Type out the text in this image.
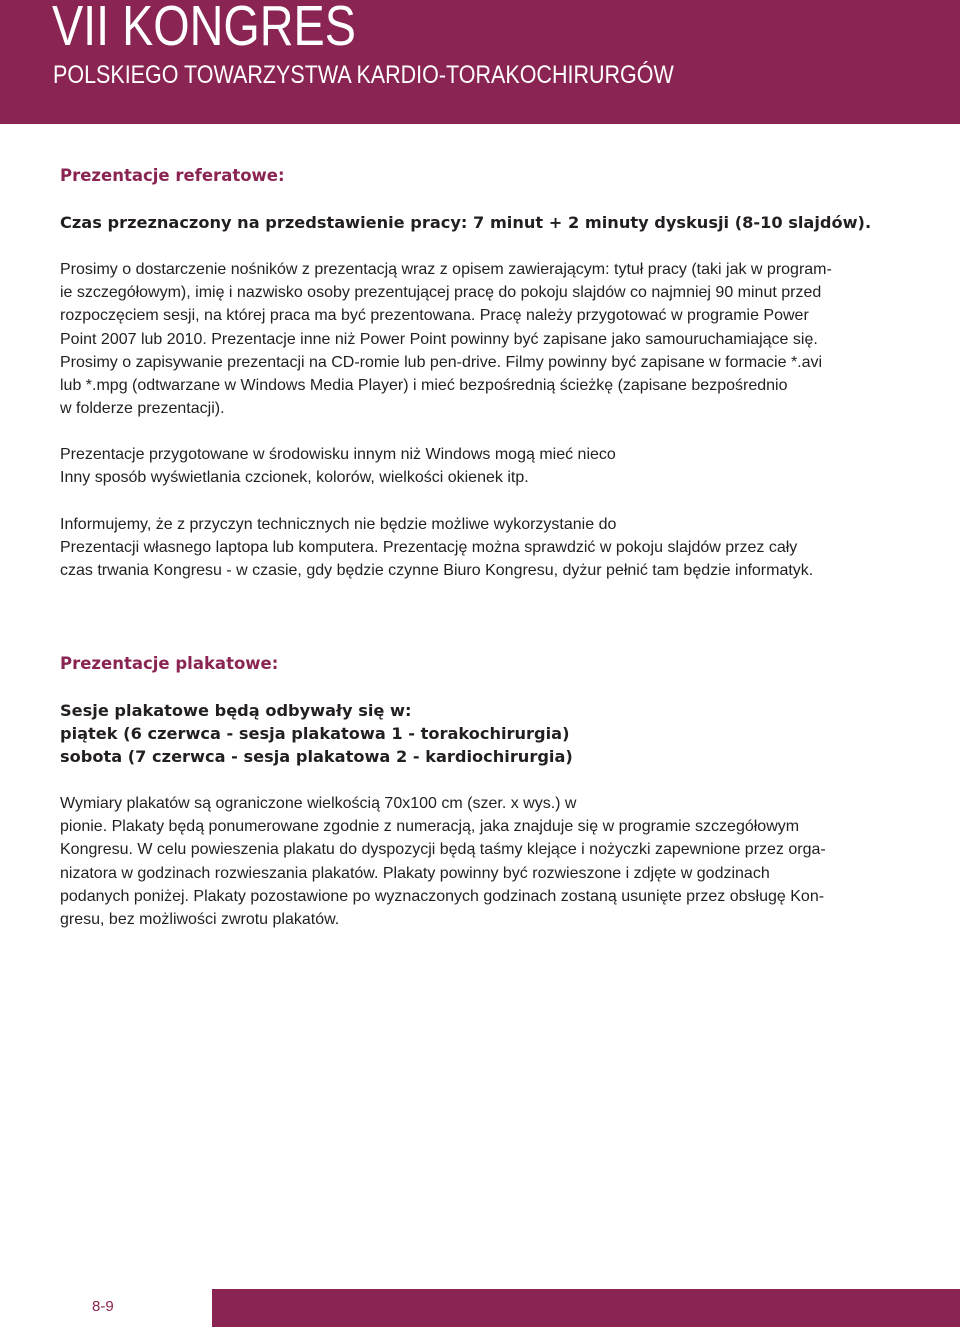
VII KONGRES
POLSKIEGO TOWARZYSTWA KARDIO-TORAKOCHIRURGÓW
Prezentacje referatowe:

Czas przeznaczony na przedstawienie pracy: 7 minut + 2 minuty dyskusji (8-10 slajdów).

Prosimy o dostarczenie nośników z prezentacją wraz z opisem zawierającym: tytuł pracy (taki jak w program-

ie szczegółowym), imię i nazwisko osoby prezentującej pracę do pokoju slajdów co najmniej 90 minut przed

rozpoczęciem sesji, na której praca ma być prezentowana. Pracę należy przygotować w programie Power

Point 2007 lub 2010. Prezentacje inne niż Power Point powinny być zapisane jako samouruchamiające się.

Prosimy o zapisywanie prezentacji na CD-romie lub pen-drive. Filmy powinny być zapisane w formacie *.avi

lub *.mpg (odtwarzane w Windows Media Player) i mieć bezpośrednią ścieżkę (zapisane bezpośrednio

w folderze prezentacji).

Prezentacje przygotowane w środowisku innym niż Windows mogą mieć nieco

Inny sposób wyświetlania czcionek, kolorów, wielkości okienek itp.

Informujemy, że z przyczyn technicznych nie będzie możliwe wykorzystanie do

Prezentacji własnego laptopa lub komputera. Prezentację można sprawdzić w pokoju slajdów przez cały

czas trwania Kongresu - w czasie, gdy będzie czynne Biuro Kongresu, dyżur pełnić tam będzie informatyk.

Prezentacje plakatowe:

Sesje plakatowe będą odbywały się w:

piątek (6 czerwca - sesja plakatowa 1 - torakochirurgia)

sobota (7 czerwca - sesja plakatowa 2 - kardiochirurgia)

Wymiary plakatów są ograniczone wielkością 70x100 cm (szer. x wys.) w

pionie. Plakaty będą ponumerowane zgodnie z numeracją, jaka znajduje się w programie szczegółowym

Kongresu. W celu powieszenia plakatu do dyspozycji będą taśmy klejące i nożyczki zapewnione przez orga-

nizatora w godzinach rozwieszania plakatów. Plakaty powinny być rozwieszone i zdjęte w godzinach

podanych poniżej. Plakaty pozostawione po wyznaczonych godzinach zostaną usunięte przez obsługę Kon-

gresu, bez możliwości zwrotu plakatów.

8-9
